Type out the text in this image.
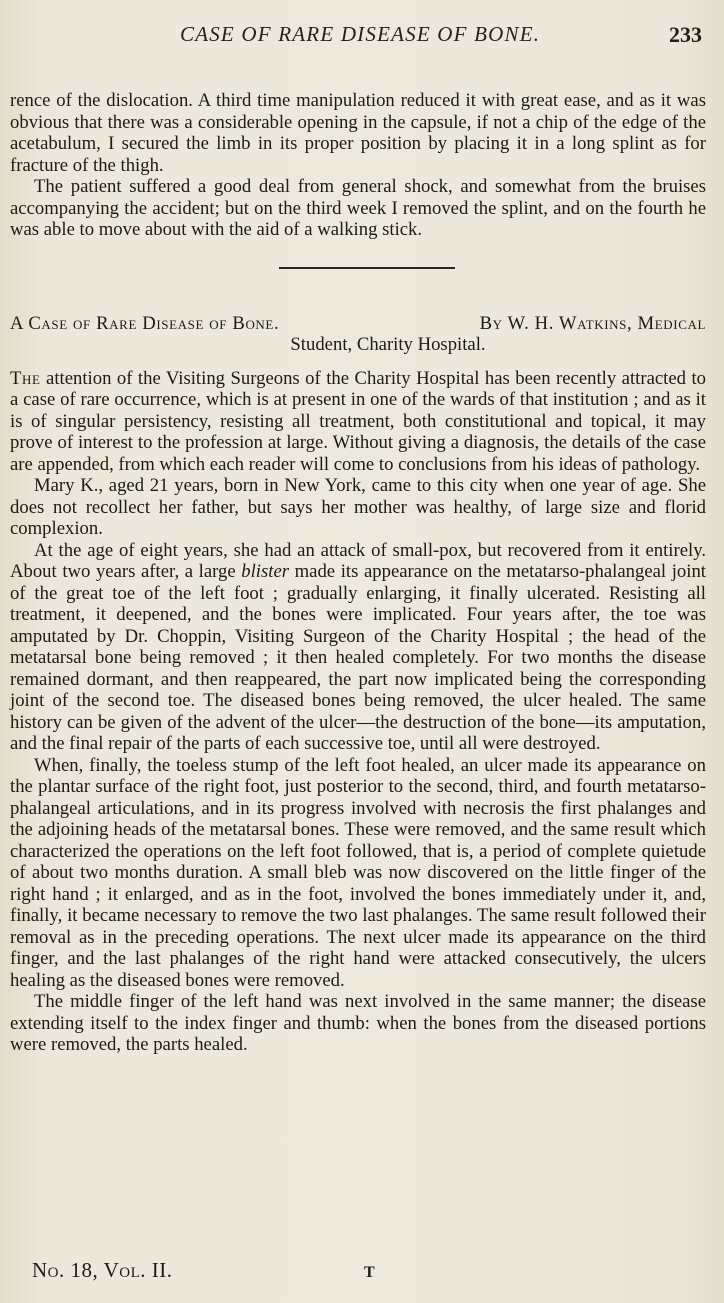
CASE OF RARE DISEASE OF BONE.	233

rence of the dislocation. A third time manipulation reduced it with great ease, and as it was obvious that there was a considerable opening in the capsule, if not a chip of the edge of the acetabulum, I secured the limb in its proper position by placing it in a long splint as for fracture of the thigh.

The patient suffered a good deal from general shock, and somewhat from the bruises accompanying the accident; but on the third week I removed the splint, and on the fourth he was able to move about with the aid of a walking stick.

A Case of Rare Disease of Bone.	By W. H. Watkins, Medical
Student, Charity Hospital.

The attention of the Visiting Surgeons of the Charity Hospital has been recently attracted to a case of rare occurrence, which is at present in one of the wards of that institution ; and as it is of singular persistency, resisting all treatment, both constitutional and topical, it may prove of interest to the profession at large. Without giving a diagnosis, the details of the case are appended, from which each reader will come to conclusions from his ideas of pathology.

Mary K., aged 21 years, born in New York, came to this city when one year of age. She does not recollect her father, but says her mother was healthy, of large size and florid complexion.

At the age of eight years, she had an attack of small-pox, but recovered from it entirely. About two years after, a large blister made its appearance on the metatarso-phalangeal joint of the great toe of the left foot ; gradually enlarging, it finally ulcerated. Resisting all treatment, it deepened, and the bones were implicated. Four years after, the toe was amputated by Dr. Choppin, Visiting Surgeon of the Charity Hospital ; the head of the metatarsal bone being removed ; it then healed completely. For two months the disease remained dormant, and then reappeared, the part now implicated being the corresponding joint of the second toe. The diseased bones being removed, the ulcer healed. The same history can be given of the advent of the ulcer—the destruction of the bone—its amputation, and the final repair of the parts of each successive toe, until all were destroyed.

When, finally, the toeless stump of the left foot healed, an ulcer made its appearance on the plantar surface of the right foot, just posterior to the second, third, and fourth metatarso-phalangeal articulations, and in its progress involved with necrosis the first phalanges and the adjoining heads of the metatarsal bones. These were removed, and the same result which characterized the operations on the left foot followed, that is, a period of complete quietude of about two months duration. A small bleb was now discovered on the little finger of the right hand ; it enlarged, and as in the foot, involved the bones immediately under it, and, finally, it became necessary to remove the two last phalanges. The same result followed their removal as in the preceding operations. The next ulcer made its appearance on the third finger, and the last phalanges of the right hand were attacked consecutively, the ulcers healing as the diseased bones were removed.

The middle finger of the left hand was next involved in the same manner; the disease extending itself to the index finger and thumb: when the bones from the diseased portions were removed, the parts healed.

No. 18, Vol. II.	T
